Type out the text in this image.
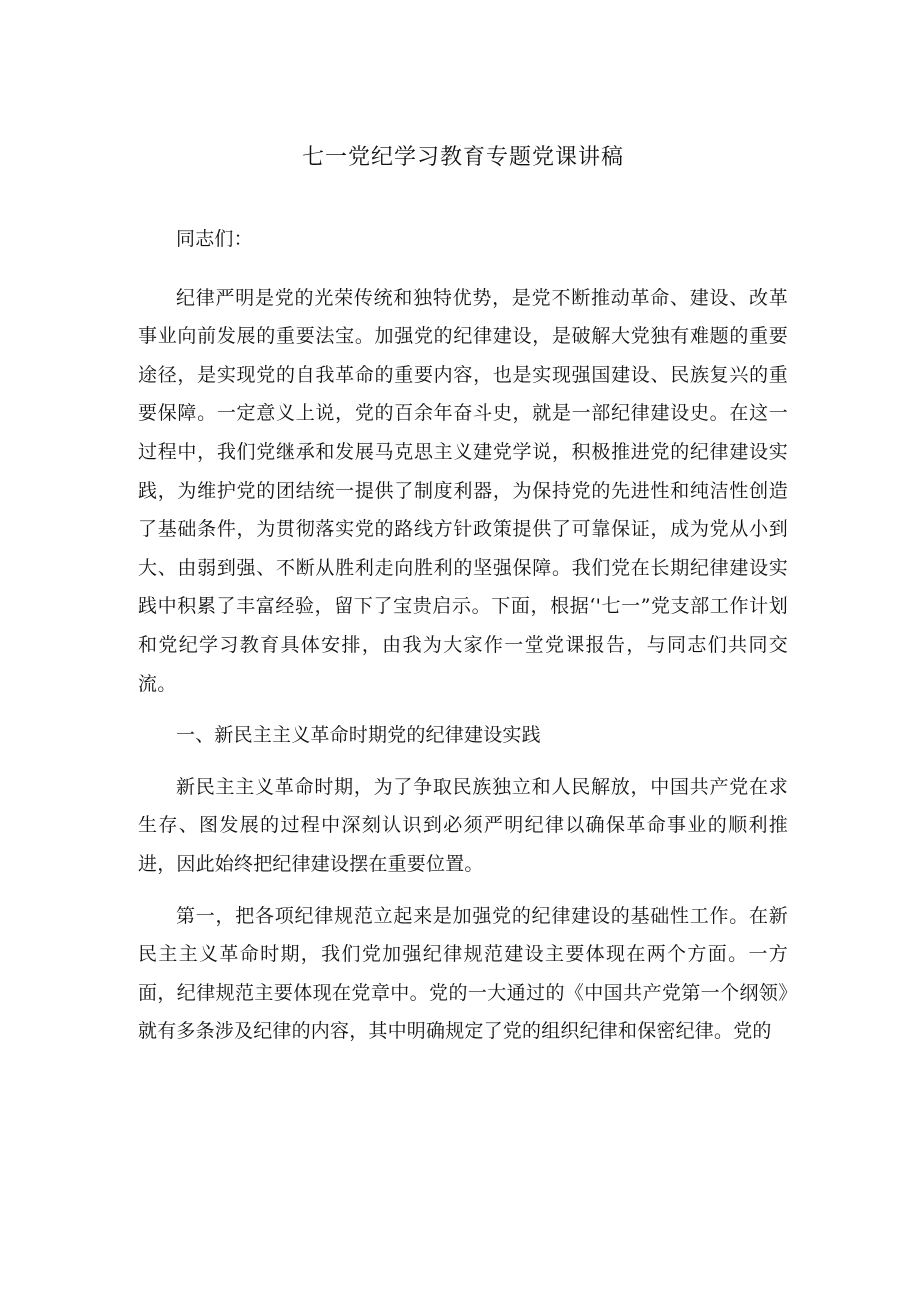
七一党纪学习教育专题党课讲稿

同志们：

纪律严明是党的光荣传统和独特优势，是党不断推动革命、建设、改革事业向前发展的重要法宝。加强党的纪律建设，是破解大党独有难题的重要途径，是实现党的自我革命的重要内容，也是实现强国建设、民族复兴的重要保障。一定意义上说，党的百余年奋斗史，就是一部纪律建设史。在这一过程中，我们党继承和发展马克思主义建党学说，积极推进党的纪律建设实践，为维护党的团结统一提供了制度利器，为保持党的先进性和纯洁性创造了基础条件，为贯彻落实党的路线方针政策提供了可靠保证，成为党从小到大、由弱到强、不断从胜利走向胜利的坚强保障。我们党在长期纪律建设实践中积累了丰富经验，留下了宝贵启示。下面，根据‘'七一”党支部工作计划和党纪学习教育具体安排，由我为大家作一堂党课报告，与同志们共同交流。

一、新民主主义革命时期党的纪律建设实践

新民主主义革命时期，为了争取民族独立和人民解放，中国共产党在求生存、图发展的过程中深刻认识到必须严明纪律以确保革命事业的顺利推进，因此始终把纪律建设摆在重要位置。

第一，把各项纪律规范立起来是加强党的纪律建设的基础性工作。在新民主主义革命时期，我们党加强纪律规范建设主要体现在两个方面。一方面，纪律规范主要体现在党章中。党的一大通过的《中国共产党第一个纲领》就有多条涉及纪律的内容，其中明确规定了党的组织纪律和保密纪律。党的
